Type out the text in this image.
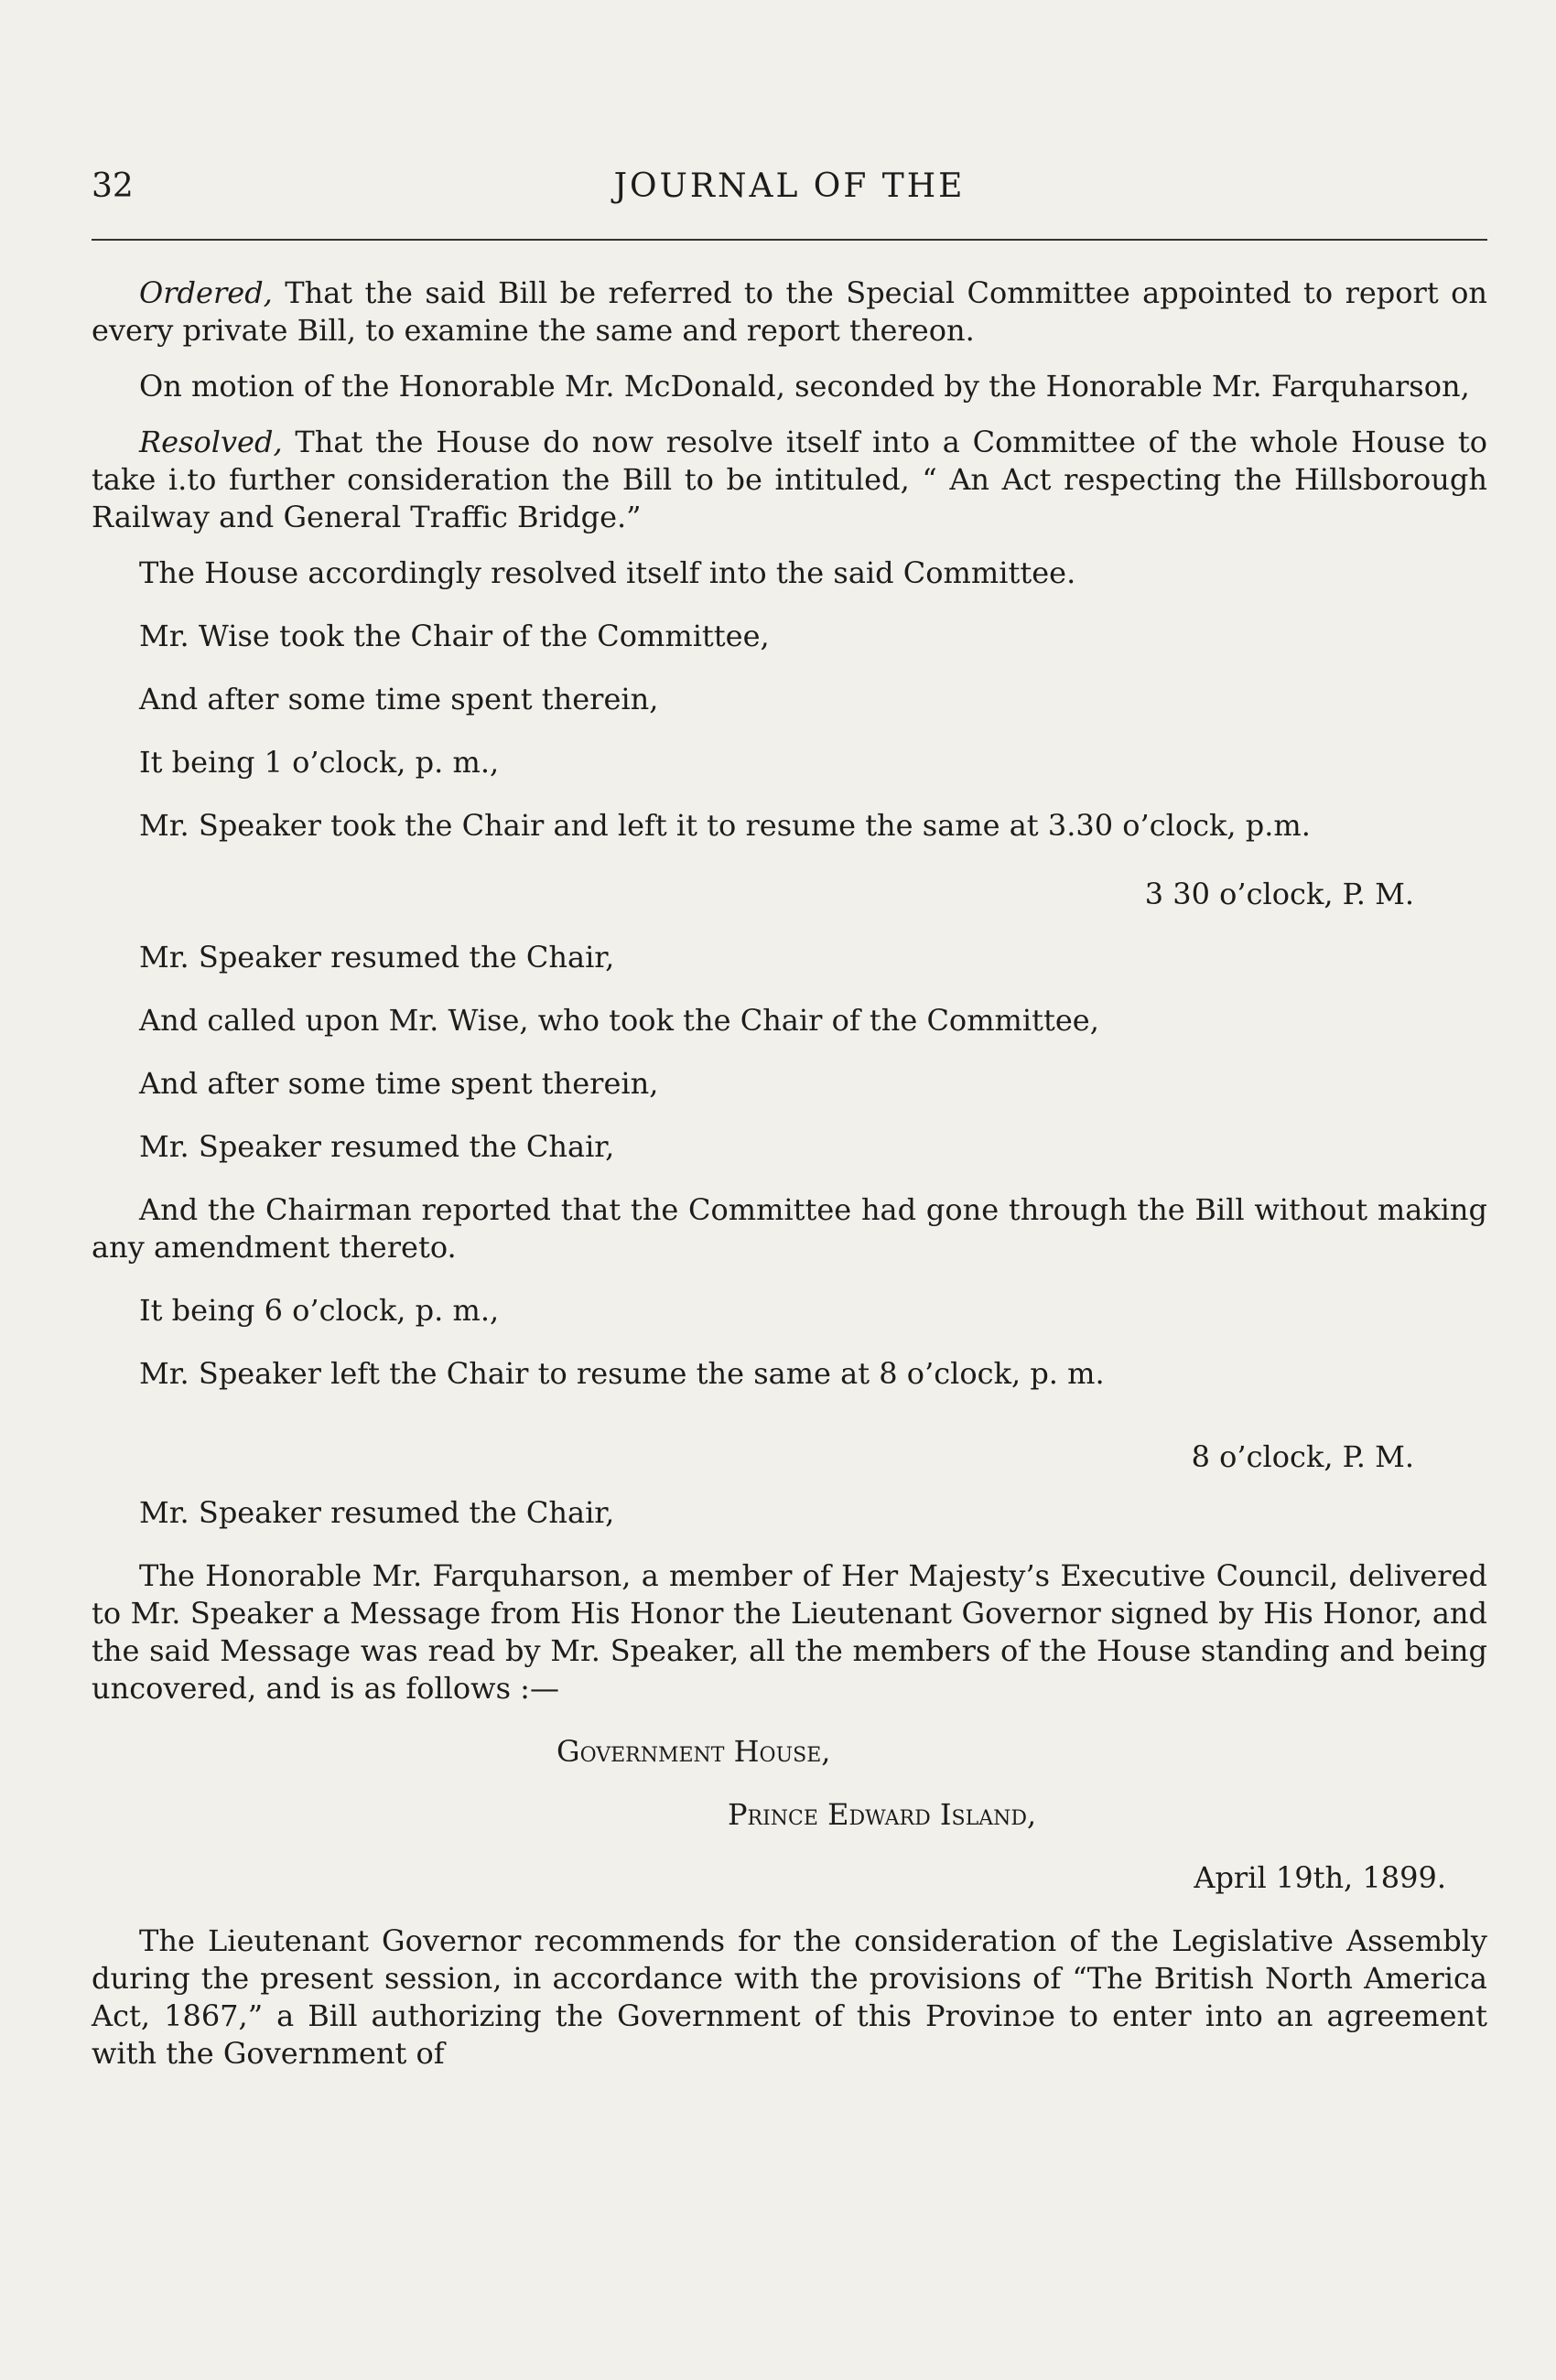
32	JOURNAL OF THE

Ordered, That the said Bill be referred to the Special Committee appointed to report on every private Bill, to examine the same and report thereon.

On motion of the Honorable Mr. McDonald, seconded by the Honorable Mr. Farquharson,

Resolved, That the House do now resolve itself into a Committee of the whole House to take i.to further consideration the Bill to be intituled, “ An Act respecting the Hillsborough Railway and General Traffic Bridge.”

The House accordingly resolved itself into the said Committee.

Mr. Wise took the Chair of the Committee,

And after some time spent therein,

It being 1 o’clock, p. m.,

Mr. Speaker took the Chair and left it to resume the same at 3.30 o’clock, p.m.

3 30 o’clock, P. M.

Mr. Speaker resumed the Chair,

And called upon Mr. Wise, who took the Chair of the Committee,

And after some time spent therein,

Mr. Speaker resumed the Chair,

And the Chairman reported that the Committee had gone through the Bill without making any amendment thereto.

It being 6 o’clock, p. m.,

Mr. Speaker left the Chair to resume the same at 8 o’clock, p. m.

8 o’clock, P. M.

Mr. Speaker resumed the Chair,

The Honorable Mr. Farquharson, a member of Her Majesty’s Executive Council, delivered to Mr. Speaker a Message from His Honor the Lieutenant Governor signed by His Honor, and the said Message was read by Mr. Speaker, all the members of the House standing and being uncovered, and is as follows :—

Government House,

Prince Edward Island,

April 19th, 1899.

The Lieutenant Governor recommends for the consideration of the Legislative Assembly during the present session, in accordance with the provisions of “The British North America Act, 1867,” a Bill authorizing the Government of this Provinɔe to enter into an agreement with the Government of
